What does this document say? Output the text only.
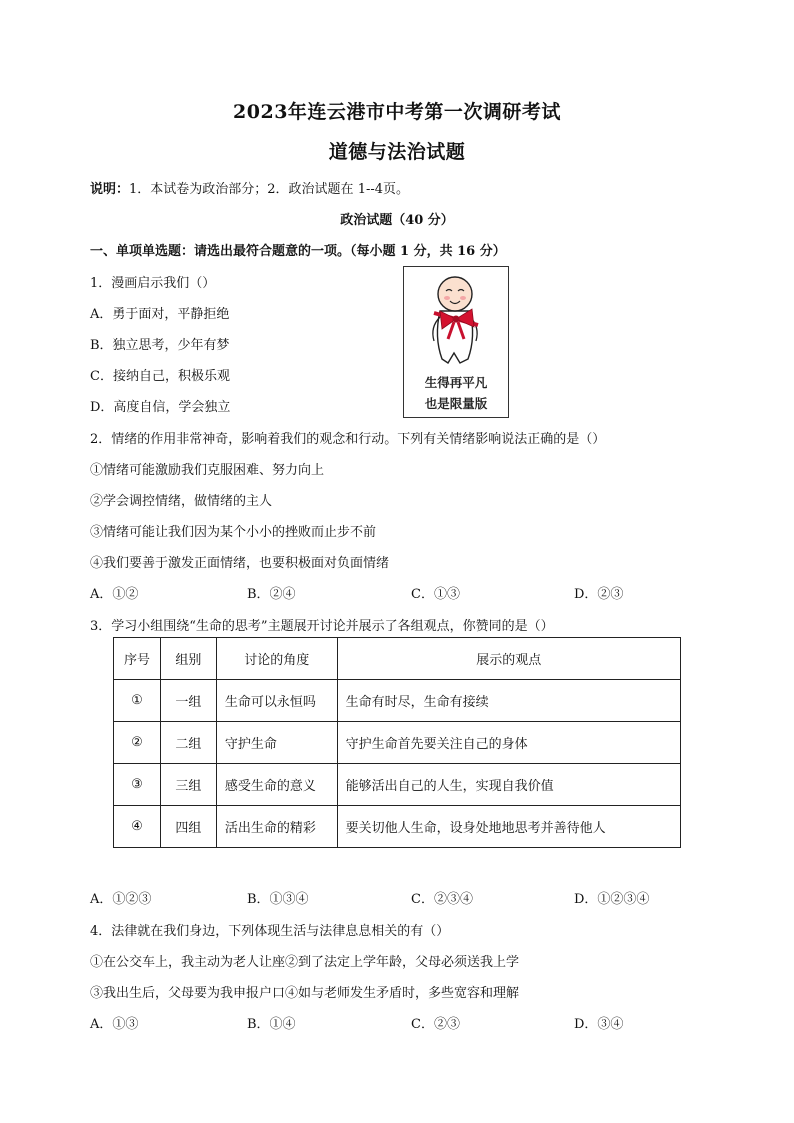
2023年连云港市中考第一次调研考试
道德与法治试题
说明：1．本试卷为政治部分；2．政治试题在 1--4页。
政治试题（40 分）
一、单项单选题：请选出最符合题意的一项。（每小题 1 分，共 16 分）
1．漫画启示我们（）
A．勇于面对，平静拒绝
B．独立思考，少年有梦
C．接纳自己，积极乐观
D．高度自信，学会独立
生得再平凡
也是限量版
2．情绪的作用非常神奇，影响着我们的观念和行动。下列有关情绪影响说法正确的是（）
①情绪可能激励我们克服困难、努力向上
②学会调控情绪，做情绪的主人
③情绪可能让我们因为某个小小的挫败而止步不前
④我们要善于激发正面情绪，也要积极面对负面情绪
A．①②	B．②④	C．①③	D．②③
3．学习小组围绕“生命的思考”主题展开讨论并展示了各组观点，你赞同的是（）
序号	组别	讨论的角度	展示的观点
①	一组	生命可以永恒吗	生命有时尽，生命有接续
②	二组	守护生命	守护生命首先要关注自己的身体
③	三组	感受生命的意义	能够活出自己的人生，实现自我价值
④	四组	活出生命的精彩	要关切他人生命，设身处地地思考并善待他人
A．①②③	B．①③④	C．②③④	D．①②③④
4．法律就在我们身边，下列体现生活与法律息息相关的有（）
①在公交车上，我主动为老人让座②到了法定上学年龄，父母必须送我上学
③我出生后，父母要为我申报户口④如与老师发生矛盾时，多些宽容和理解
A．①③	B．①④	C．②③	D．③④
